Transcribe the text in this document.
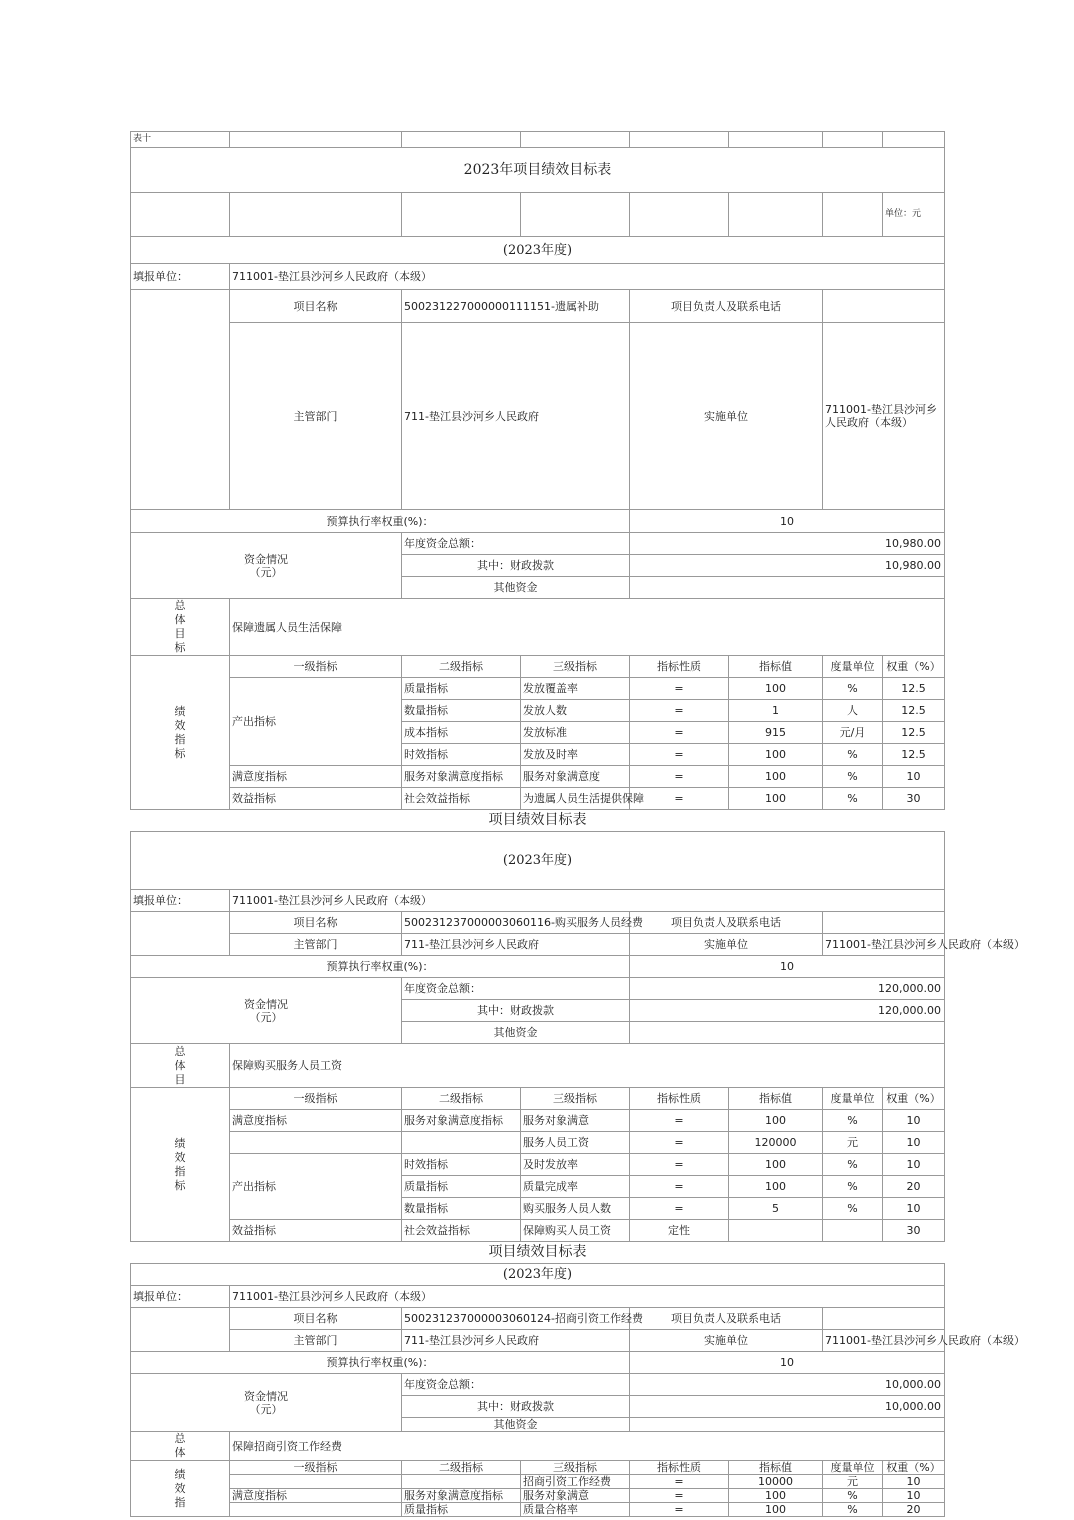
表十							
2023年项目绩效目标表							
							单位：元
(2023年度)							
填报单位：	711001-垫江县沙河乡人民政府（本级）						
	项目名称	500231227000000111151-遗属补助		项目负责人及联系电话			
	主管部门	711-垫江县沙河乡人民政府		实施单位		711001-垫江县沙河乡人民政府（本级）	
预算执行率权重(%)：				10			
资金情况
（元）		年度资金总额：		10,980.00			
		其中：财政拨款		10,980.00			
		其他资金					

总
体
目
标	保障遗属人员生活保障						

绩
效
指
标	一级指标	二级指标	三级指标	指标性质	指标值	度量单位	权重（%）
	产出指标	质量指标	发放覆盖率	=	100	%	12.5
		数量指标	发放人数	=	1	人	12.5
		成本指标	发放标准	=	915	元/月	12.5
		时效指标	发放及时率	=	100	%	12.5
	满意度指标	服务对象满意度指标	服务对象满意度	=	100	%	10
	效益指标	社会效益指标	为遗属人员生活提供保障	=	100	%	30
项目绩效目标表							
(2023年度)							
填报单位：	711001-垫江县沙河乡人民政府（本级）						
	项目名称	500231237000003060116-购买服务人员经费		项目负责人及联系电话			
	主管部门	711-垫江县沙河乡人民政府		实施单位		711001-垫江县沙河乡人民政府（本级）	
预算执行率权重(%)：				10			
资金情况
（元）		年度资金总额：		120,000.00			
		其中：财政拨款		120,000.00			
		其他资金					

总
体
目	保障购买服务人员工资						

绩
效
指
标	一级指标	二级指标	三级指标	指标性质	指标值	度量单位	权重（%）
	满意度指标	服务对象满意度指标	服务对象满意	=	100	%	10
			服务人员工资	=	120000	元	10
	产出指标	时效指标	及时发放率	=	100	%	10
		质量指标	质量完成率	=	100	%	20
		数量指标	购买服务人员人数	=	5	%	10
	效益指标	社会效益指标	保障购买人员工资	定性			30
项目绩效目标表							
(2023年度)							
填报单位：	711001-垫江县沙河乡人民政府（本级）						
	项目名称	500231237000003060124-招商引资工作经费		项目负责人及联系电话			
	主管部门	711-垫江县沙河乡人民政府		实施单位		711001-垫江县沙河乡人民政府（本级）	
预算执行率权重(%)：				10			
资金情况
（元）		年度资金总额：		10,000.00			
		其中：财政拨款		10,000.00			
		其他资金					

总
体	保障招商引资工作经费						

绩
效
指	一级指标	二级指标	三级指标	指标性质	指标值	度量单位	权重（%）
			招商引资工作经费	=	10000	元	10
	满意度指标	服务对象满意度指标	服务对象满意	=	100	%	10
		质量指标	质量合格率	=	100	%	20
